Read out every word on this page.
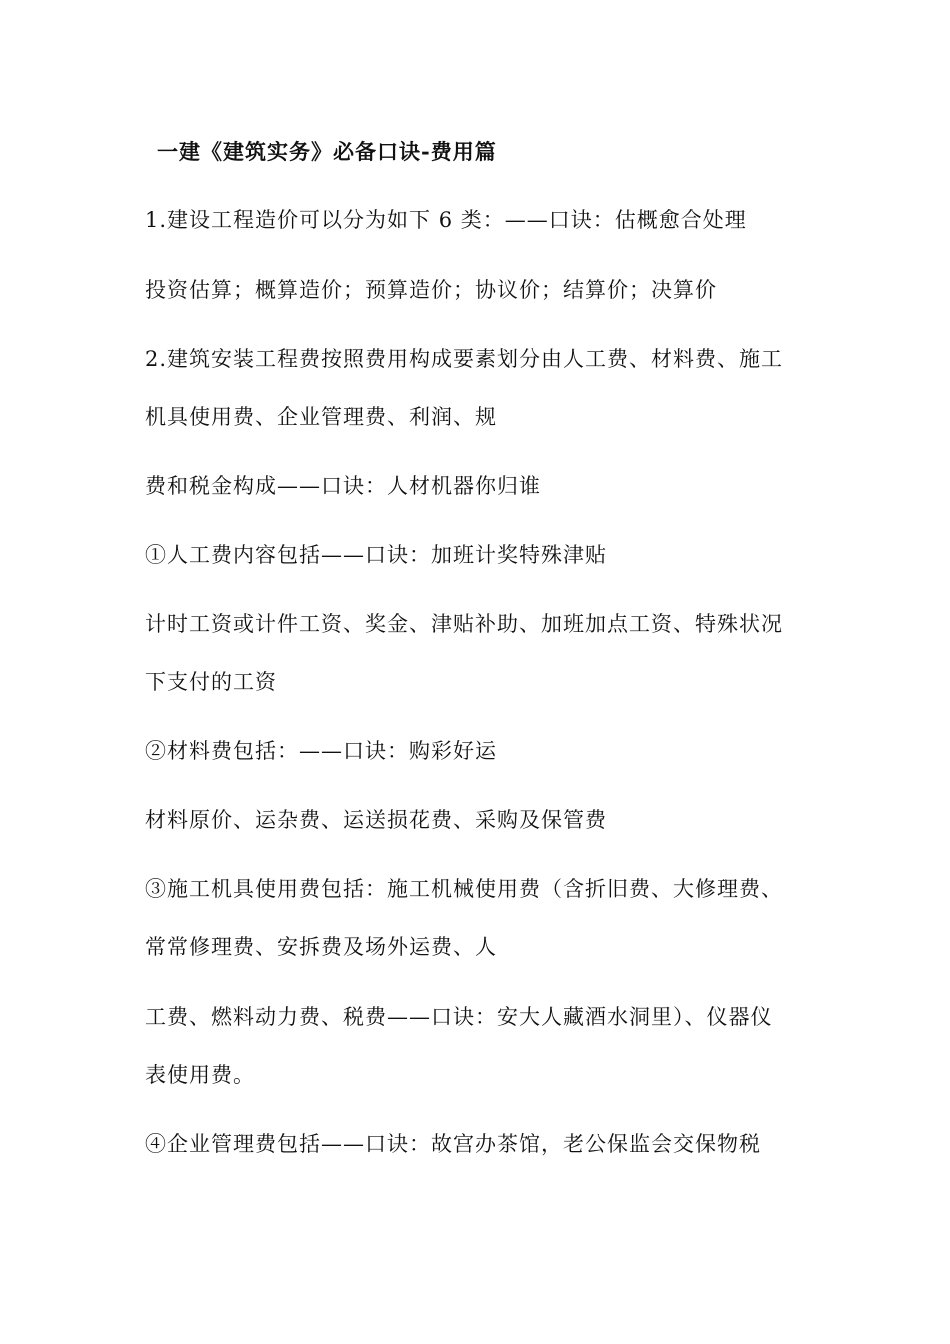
一建《建筑实务》必备口诀-费用篇
1.建设工程造价可以分为如下 6 类：——口诀：估概愈合处理
投资估算；概算造价；预算造价；协议价；结算价；决算价
2.建筑安装工程费按照费用构成要素划分由人工费、材料费、施工
机具使用费、企业管理费、利润、规
费和税金构成——口诀：人材机器你归谁
①人工费内容包括——口诀：加班计奖特殊津贴
计时工资或计件工资、奖金、津贴补助、加班加点工资、特殊状况
下支付的工资
②材料费包括：——口诀：购彩好运
材料原价、运杂费、运送损花费、采购及保管费
③施工机具使用费包括：施工机械使用费（含折旧费、大修理费、
常常修理费、安拆费及场外运费、人
工费、燃料动力费、税费——口诀：安大人藏酒水洞里）、仪器仪
表使用费。
④企业管理费包括——口诀：故宫办茶馆，老公保监会交保物税
